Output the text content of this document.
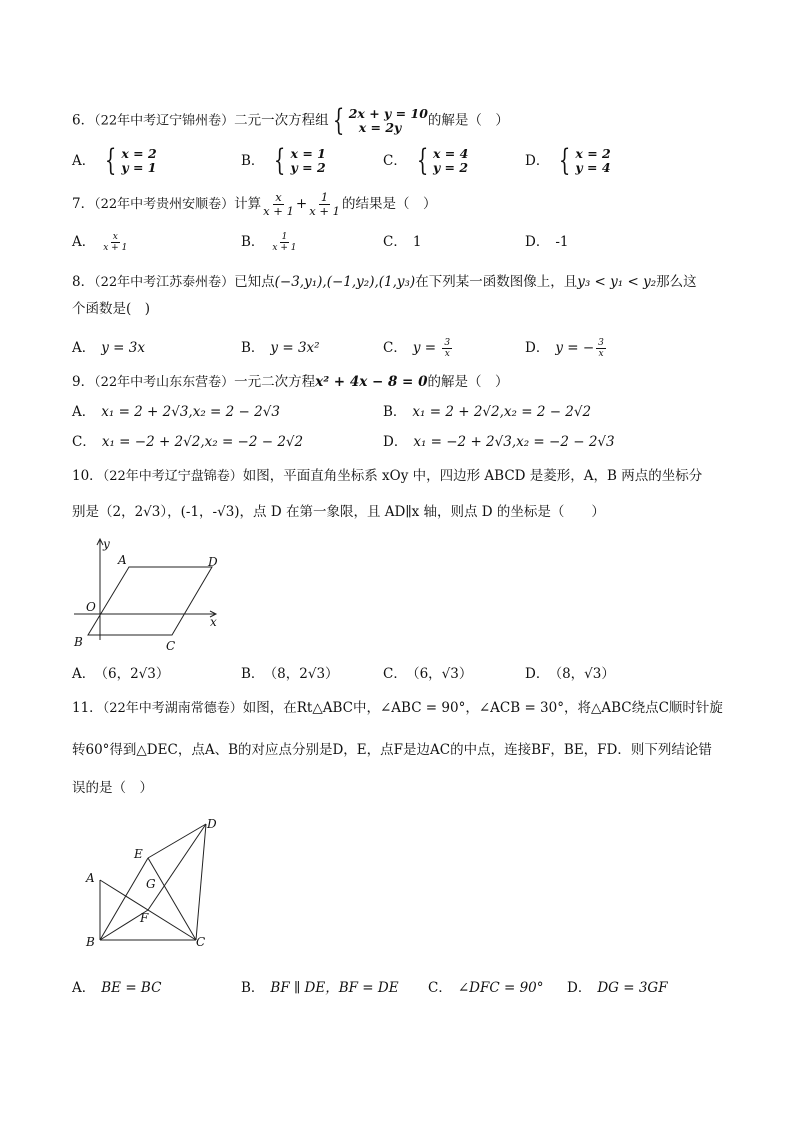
6．（22年中考辽宁锦州卷）二元一次方程组 { 2x + y = 10
x = 2y	的解是（　）
A． { x = 2
y = 1	B． { x = 1
y = 2	C． { x = 4
y = 2	D． { x = 2
y = 4
7．（22年中考贵州安顺卷）计算 $\frac{x}{x + 1} + \frac{1}{x + 1}$ 的结果是（　）
A． $\frac{x}{x + 1}$	B． $\frac{1}{x + 1}$	C． 1	D． -1
8．（22年中考江苏泰州卷）已知点(−3,y₁),(−1,y₂),(1,y₃)在下列某一函数图像上，且y₃ < y₁ < y₂那么这
个函数是(　)
A． y = 3x	B． y = 3x²	C． $y = \frac{3}{x}$	D． y = − $\frac{3}{x}$
9．（22年中考山东东营卷）一元二次方程x² + 4x − 8 = 0的解是（　）
A． x₁ = 2 + 2√3,x₂ = 2 − 2√3	B． x₁ = 2 + 2√2,x₂ = 2 − 2√2
C． x₁ = −2 + 2√2,x₂ = −2 − 2√2	D． x₁ = −2 + 2√3,x₂ = −2 − 2√3
10．（22年中考辽宁盘锦卷）如图，平面直角坐标系 xOy 中，四边形 ABCD 是菱形，A，B 两点的坐标分
别是（2，2√3），(-1，-√3)，点 D 在第一象限，且 AD∥x 轴，则点 D 的坐标是（　　）
y
x
O
A
B	C
D
A． （6，2√3）	B． （8，2√3）	C． （6，√3）	D． （8，√3）
11．（22年中考湖南常德卷）如图，在Rt△ABC中，∠ABC = 90°，∠ACB = 30°，将△ABC绕点C顺时针旋
转60°得到△DEC，点A、B的对应点分别是D，E，点F是边AC的中点，连接BF，BE，FD．则下列结论错
误的是（　）
A
B	C
D
E
F
G
A． BE = BC	B． BF ∥ DE，BF = DE C． ∠DFC = 90° D． DG = 3GF
